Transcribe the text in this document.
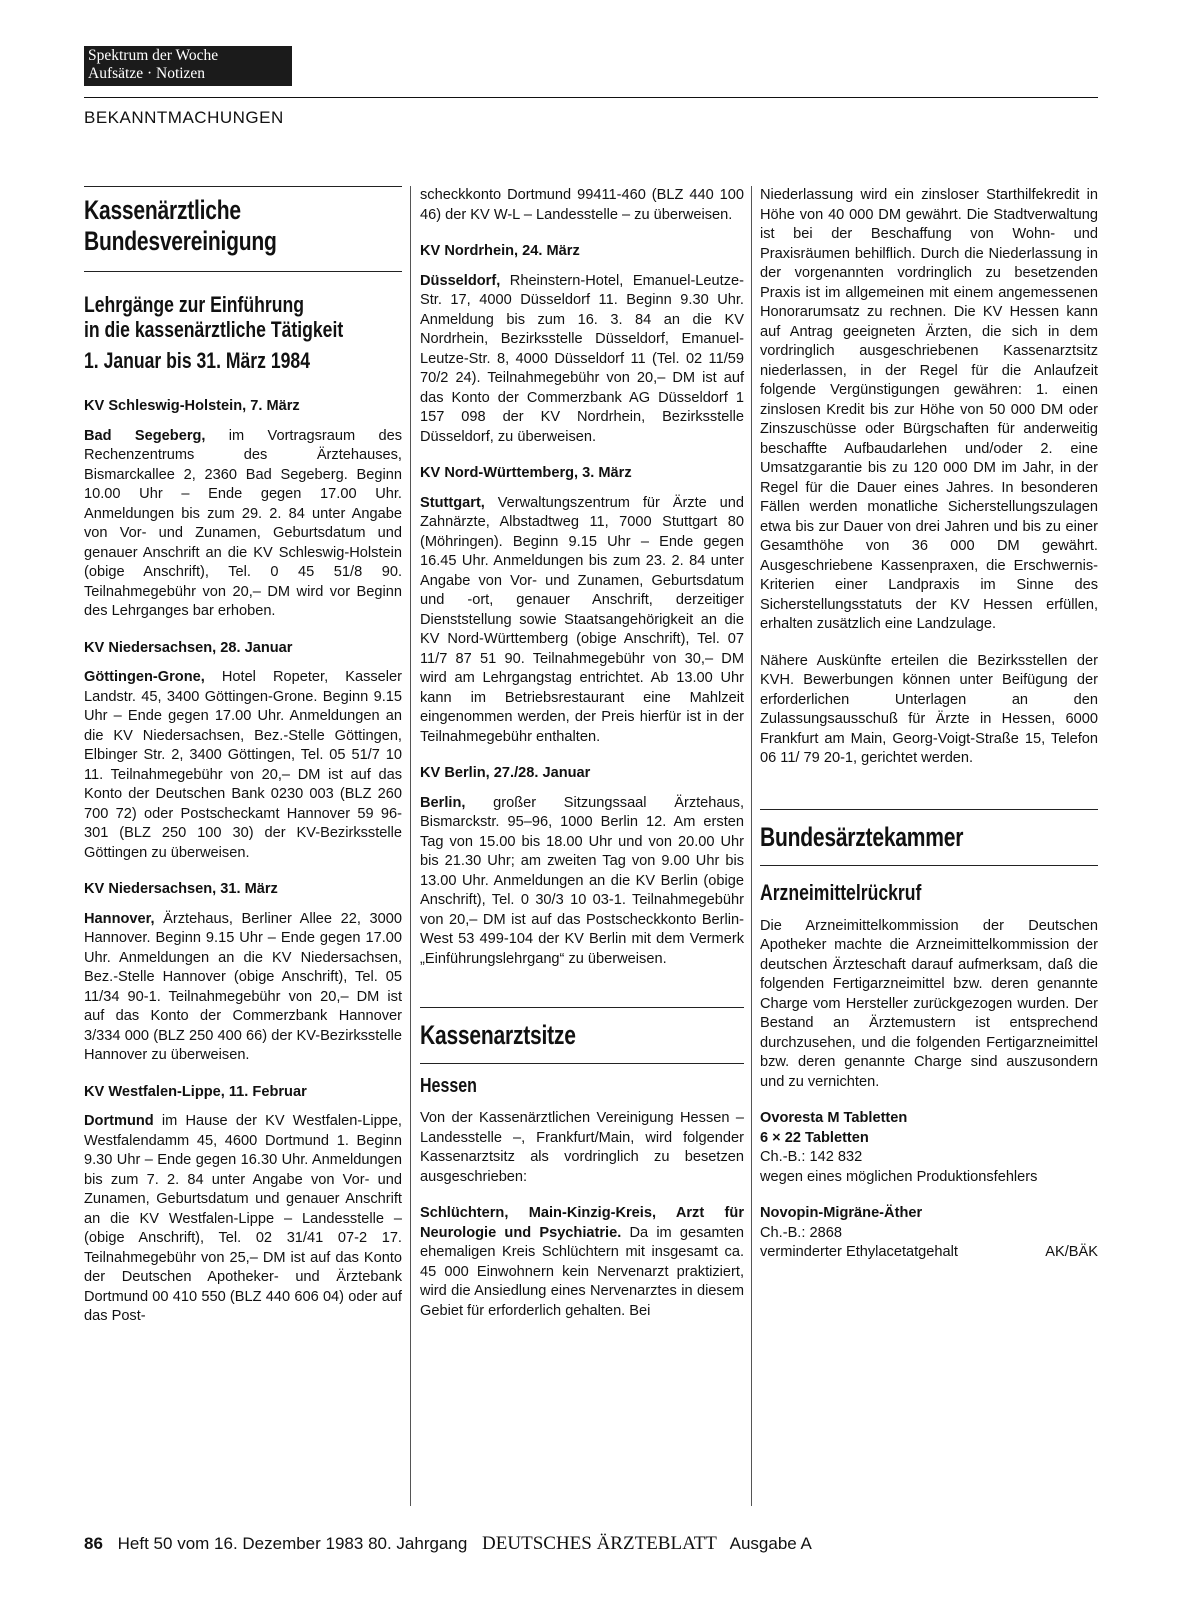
Spektrum der Woche
Aufsätze · Notizen
BEKANNTMACHUNGEN
Kassenärztliche
Bundesvereinigung
Lehrgänge zur Einführung
in die kassenärztliche Tätigkeit
1. Januar bis 31. März 1984

KV Schleswig-Holstein, 7. März

Bad Segeberg, im Vortragsraum des Rechenzentrums des Ärztehauses, Bismarckallee 2, 2360 Bad Segeberg. Beginn 10.00 Uhr – Ende gegen 17.00 Uhr. Anmeldungen bis zum 29. 2. 84 unter Angabe von Vor- und Zunamen, Geburtsdatum und genauer Anschrift an die KV Schleswig-Holstein (obige Anschrift), Tel. 0 45 51/8 90. Teilnahmegebühr von 20,– DM wird vor Beginn des Lehrganges bar erhoben.

KV Niedersachsen, 28. Januar

Göttingen-Grone, Hotel Ropeter, Kasseler Landstr. 45, 3400 Göttingen-Grone. Beginn 9.15 Uhr – Ende gegen 17.00 Uhr. Anmeldungen an die KV Niedersachsen, Bez.-Stelle Göttingen, Elbinger Str. 2, 3400 Göttingen, Tel. 05 51/7 10 11. Teilnahmegebühr von 20,– DM ist auf das Konto der Deutschen Bank 0230 003 (BLZ 260 700 72) oder Postscheckamt Hannover 59 96-301 (BLZ 250 100 30) der KV-Bezirksstelle Göttingen zu überweisen.

KV Niedersachsen, 31. März

Hannover, Ärztehaus, Berliner Allee 22, 3000 Hannover. Beginn 9.15 Uhr – Ende gegen 17.00 Uhr. Anmeldungen an die KV Niedersachsen, Bez.-Stelle Hannover (obige Anschrift), Tel. 05 11/34 90-1. Teilnahmegebühr von 20,– DM ist auf das Konto der Commerzbank Hannover 3/334 000 (BLZ 250 400 66) der KV-Bezirksstelle Hannover zu überweisen.

KV Westfalen-Lippe, 11. Februar

Dortmund im Hause der KV Westfalen-Lippe, Westfalendamm 45, 4600 Dortmund 1. Beginn 9.30 Uhr – Ende gegen 16.30 Uhr. Anmeldungen bis zum 7. 2. 84 unter Angabe von Vor- und Zunamen, Geburtsdatum und genauer Anschrift an die KV Westfalen-Lippe – Landesstelle – (obige Anschrift), Tel. 02 31/41 07-2 17. Teilnahmegebühr von 25,– DM ist auf das Konto der Deutschen Apotheker- und Ärztebank Dortmund 00 410 550 (BLZ 440 606 04) oder auf das Post-

scheckkonto Dortmund 99411-460 (BLZ 440 100 46) der KV W-L – Landesstelle – zu überweisen.

KV Nordrhein, 24. März

Düsseldorf, Rheinstern-Hotel, Emanuel-Leutze-Str. 17, 4000 Düsseldorf 11. Beginn 9.30 Uhr. Anmeldung bis zum 16. 3. 84 an die KV Nordrhein, Bezirksstelle Düsseldorf, Emanuel-Leutze-Str. 8, 4000 Düsseldorf 11 (Tel. 02 11/59 70/2 24). Teilnahmegebühr von 20,– DM ist auf das Konto der Commerzbank AG Düsseldorf 1 157 098 der KV Nordrhein, Bezirksstelle Düsseldorf, zu überweisen.

KV Nord-Württemberg, 3. März

Stuttgart, Verwaltungszentrum für Ärzte und Zahnärzte, Albstadtweg 11, 7000 Stuttgart 80 (Möhringen). Beginn 9.15 Uhr – Ende gegen 16.45 Uhr. Anmeldungen bis zum 23. 2. 84 unter Angabe von Vor- und Zunamen, Geburtsdatum und -ort, genauer Anschrift, derzeitiger Dienststellung sowie Staatsangehörigkeit an die KV Nord-Württemberg (obige Anschrift), Tel. 07 11/7 87 51 90. Teilnahmegebühr von 30,– DM wird am Lehrgangstag entrichtet. Ab 13.00 Uhr kann im Betriebsrestaurant eine Mahlzeit eingenommen werden, der Preis hierfür ist in der Teilnahmegebühr enthalten.

KV Berlin, 27./28. Januar

Berlin, großer Sitzungssaal Ärztehaus, Bismarckstr. 95–96, 1000 Berlin 12. Am ersten Tag von 15.00 bis 18.00 Uhr und von 20.00 Uhr bis 21.30 Uhr; am zweiten Tag von 9.00 Uhr bis 13.00 Uhr. Anmeldungen an die KV Berlin (obige Anschrift), Tel. 0 30/3 10 03-1. Teilnahmegebühr von 20,– DM ist auf das Postscheckkonto Berlin-West 53 499-104 der KV Berlin mit dem Vermerk „Einführungslehrgang“ zu überweisen.

Kassenarztsitze
Hessen

Von der Kassenärztlichen Vereinigung Hessen – Landesstelle –, Frankfurt/Main, wird folgender Kassenarztsitz als vordringlich zu besetzen ausgeschrieben:

Schlüchtern, Main-Kinzig-Kreis, Arzt für Neurologie und Psychiatrie. Da im gesamten ehemaligen Kreis Schlüchtern mit insgesamt ca. 45 000 Einwohnern kein Nervenarzt praktiziert, wird die Ansiedlung eines Nervenarztes in diesem Gebiet für erforderlich gehalten. Bei

Niederlassung wird ein zinsloser Starthilfekredit in Höhe von 40 000 DM gewährt. Die Stadtverwaltung ist bei der Beschaffung von Wohn- und Praxisräumen behilflich. Durch die Niederlassung in der vorgenannten vordringlich zu besetzenden Praxis ist im allgemeinen mit einem angemessenen Honorarumsatz zu rechnen. Die KV Hessen kann auf Antrag geeigneten Ärzten, die sich in dem vordringlich ausgeschriebenen Kassenarztsitz niederlassen, in der Regel für die Anlaufzeit folgende Vergünstigungen gewähren: 1. einen zinslosen Kredit bis zur Höhe von 50 000 DM oder Zinszuschüsse oder Bürgschaften für anderweitig beschaffte Aufbaudarlehen und/oder 2. eine Umsatzgarantie bis zu 120 000 DM im Jahr, in der Regel für die Dauer eines Jahres. In besonderen Fällen werden monatliche Sicherstellungszulagen etwa bis zur Dauer von drei Jahren und bis zu einer Gesamthöhe von 36 000 DM gewährt. Ausgeschriebene Kassenpraxen, die Erschwernis-Kriterien einer Landpraxis im Sinne des Sicherstellungsstatuts der KV Hessen erfüllen, erhalten zusätzlich eine Landzulage.

Nähere Auskünfte erteilen die Bezirksstellen der KVH. Bewerbungen können unter Beifügung der erforderlichen Unterlagen an den Zulassungsausschuß für Ärzte in Hessen, 6000 Frankfurt am Main, Georg-Voigt-Straße 15, Telefon 06 11/ 79 20-1, gerichtet werden.

Bundesärztekammer
Arzneimittelrückruf

Die Arzneimittelkommission der Deutschen Apotheker machte die Arzneimittelkommission der deutschen Ärzteschaft darauf aufmerksam, daß die folgenden Fertigarzneimittel bzw. deren genannte Charge vom Hersteller zurückgezogen wurden. Der Bestand an Ärztemustern ist entsprechend durchzusehen, und die folgenden Fertigarzneimittel bzw. deren genannte Charge sind auszusondern und zu vernichten.

Ovoresta M Tabletten

6 × 22 Tabletten

Ch.-B.: 142 832

wegen eines möglichen Produktionsfehlers

Novopin-Migräne-Äther

Ch.-B.: 2868

verminderter Ethylacetatgehalt	AK/BÄK

86 Heft 50 vom 16. Dezember 1983 80. Jahrgang DEUTSCHES ÄRZTEBLATT Ausgabe A
